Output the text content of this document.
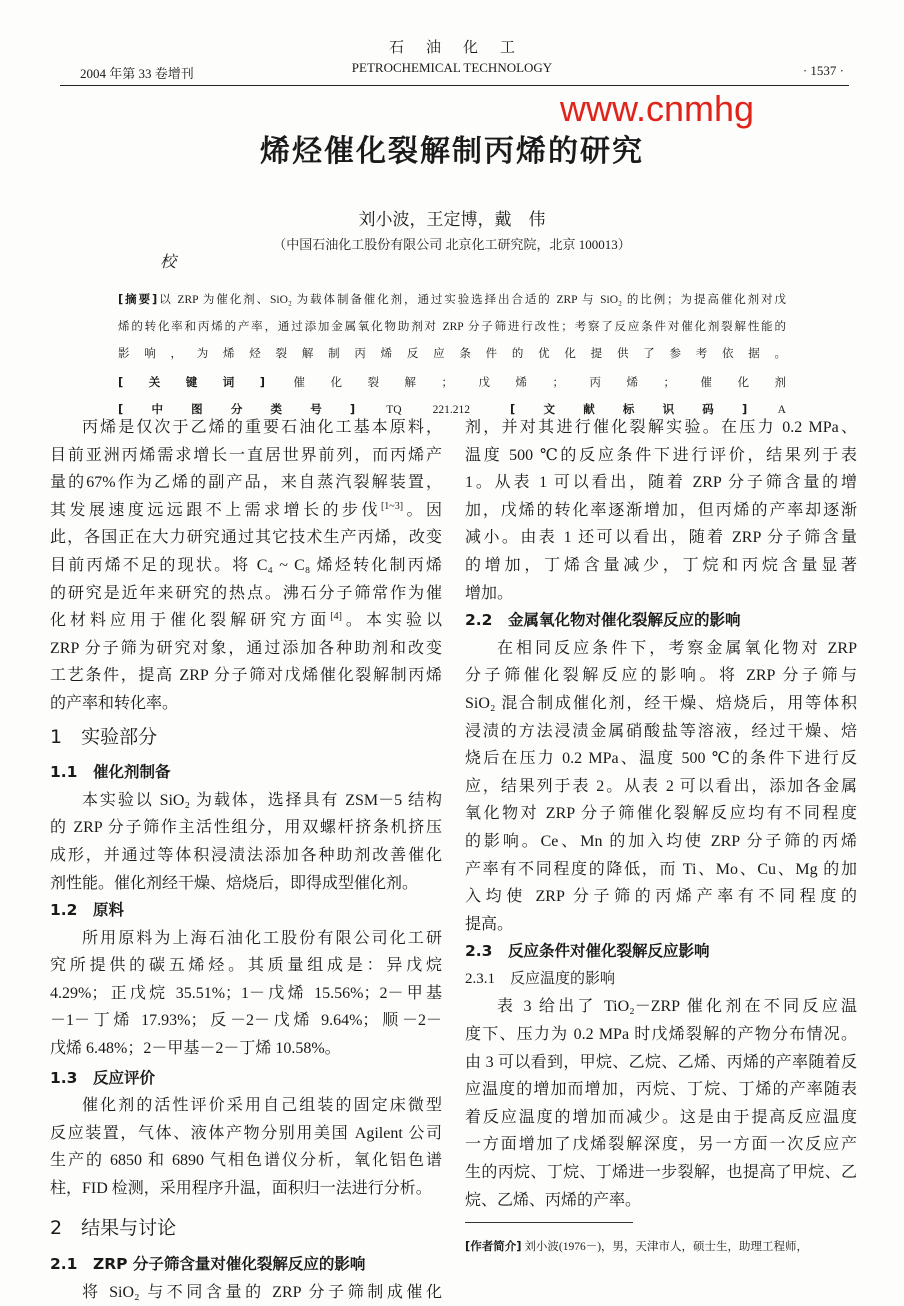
2004 年第 33 卷增刊
石油化工
PETROCHEMICAL TECHNOLOGY	· 1537 ·
www.cnmhg
烯烃催化裂解制丙烯的研究
刘小波，王定博，戴　伟
（中国石油化工股份有限公司 北京化工研究院，北京 100013）
校
[摘要]以 ZRP 为催化剂、SiO₂ 为载体制备催化剂，通过实验选择出合适的 ZRP 与 SiO₂ 的比例；为提高催化剂对戊
烯的转化率和丙烯的产率，通过添加金属氧化物助剂对 ZRP 分子筛进行改性；考察了反应条件对催化剂裂解性能的
影响，为烯烃裂解制丙烯反应条件的优化提供了参考依据。
[关键词] 催化裂解；戊烯；丙烯；催化剂
[中图分类号]	TQ 221.212	[文献标识码]	A
丙烯是仅次于乙烯的重要石油化工基本原料，
目前亚洲丙烯需求增长一直居世界前列，而丙烯产
量的67%作为乙烯的副产品，来自蒸汽裂解装置，
其发展速度远远跟不上需求增长的步伐[1~3]。因
此，各国正在大力研究通过其它技术生产丙烯，改变
目前丙烯不足的现状。将 C₄ ~ C₈ 烯烃转化制丙烯
的研究是近年来研究的热点。沸石分子筛常作为催
化材料应用于催化裂解研究方面[4]。本实验以
ZRP 分子筛为研究对象，通过添加各种助剂和改变
工艺条件，提高 ZRP 分子筛对戊烯催化裂解制丙烯
的产率和转化率。
1　实验部分
1.1　催化剂制备
本实验以 SiO₂ 为载体，选择具有 ZSM－5 结构
的 ZRP 分子筛作主活性组分，用双螺杆挤条机挤压
成形，并通过等体积浸渍法添加各种助剂改善催化
剂性能。催化剂经干燥、焙烧后，即得成型催化剂。
1.2　原料
所用原料为上海石油化工股份有限公司化工研
究所提供的碳五烯烃。其质量组成是：异戊烷
4.29%；正戊烷 35.51%；1－戊烯 15.56%；2－甲基
－1－丁烯 17.93%；反－2－戊烯 9.64%；顺－2－
戊烯 6.48%；2－甲基－2－丁烯 10.58%。
1.3　反应评价
催化剂的活性评价采用自己组装的固定床微型
反应装置，气体、液体产物分别用美国 Agilent 公司
生产的 6850 和 6890 气相色谱仪分析，氧化铝色谱
柱，FID 检测，采用程序升温，面积归一法进行分析。
2　结果与讨论
2.1　ZRP 分子筛含量对催化裂解反应的影响
将 SiO₂ 与不同含量的 ZRP 分子筛制成催化
剂，并对其进行催化裂解实验。在压力 0.2 MPa、
温度 500 ℃的反应条件下进行评价，结果列于表
1。从表 1 可以看出，随着 ZRP 分子筛含量的增
加，戊烯的转化率逐渐增加，但丙烯的产率却逐渐
减小。由表 1 还可以看出，随着 ZRP 分子筛含量
的增加，丁烯含量减少，丁烷和丙烷含量显著
增加。
2.2　金属氧化物对催化裂解反应的影响
在相同反应条件下，考察金属氧化物对 ZRP
分子筛催化裂解反应的影响。将 ZRP 分子筛与
SiO₂ 混合制成催化剂，经干燥、焙烧后，用等体积
浸渍的方法浸渍金属硝酸盐等溶液，经过干燥、焙
烧后在压力 0.2 MPa、温度 500 ℃的条件下进行反
应，结果列于表 2。从表 2 可以看出，添加各金属
氧化物对 ZRP 分子筛催化裂解反应均有不同程度
的影响。Ce、Mn 的加入均使 ZRP 分子筛的丙烯
产率有不同程度的降低，而 Ti、Mo、Cu、Mg 的加
入均使 ZRP 分子筛的丙烯产率有不同程度的
提高。
2.3　反应条件对催化裂解反应影响
2.3.1　反应温度的影响
表 3 给出了 TiO₂－ZRP 催化剂在不同反应温
度下、压力为 0.2 MPa 时戊烯裂解的产物分布情况。
由 3 可以看到，甲烷、乙烷、乙烯、丙烯的产率随着反
应温度的增加而增加，丙烷、丁烷、丁烯的产率随表
着反应温度的增加而减少。这是由于提高反应温度
一方面增加了戊烯裂解深度，另一方面一次反应产
生的丙烷、丁烷、丁烯进一步裂解，也提高了甲烷、乙
烷、乙烯、丙烯的产率。
[作者简介] 刘小波(1976－)，男，天津市人，硕士生，助理工程师，
